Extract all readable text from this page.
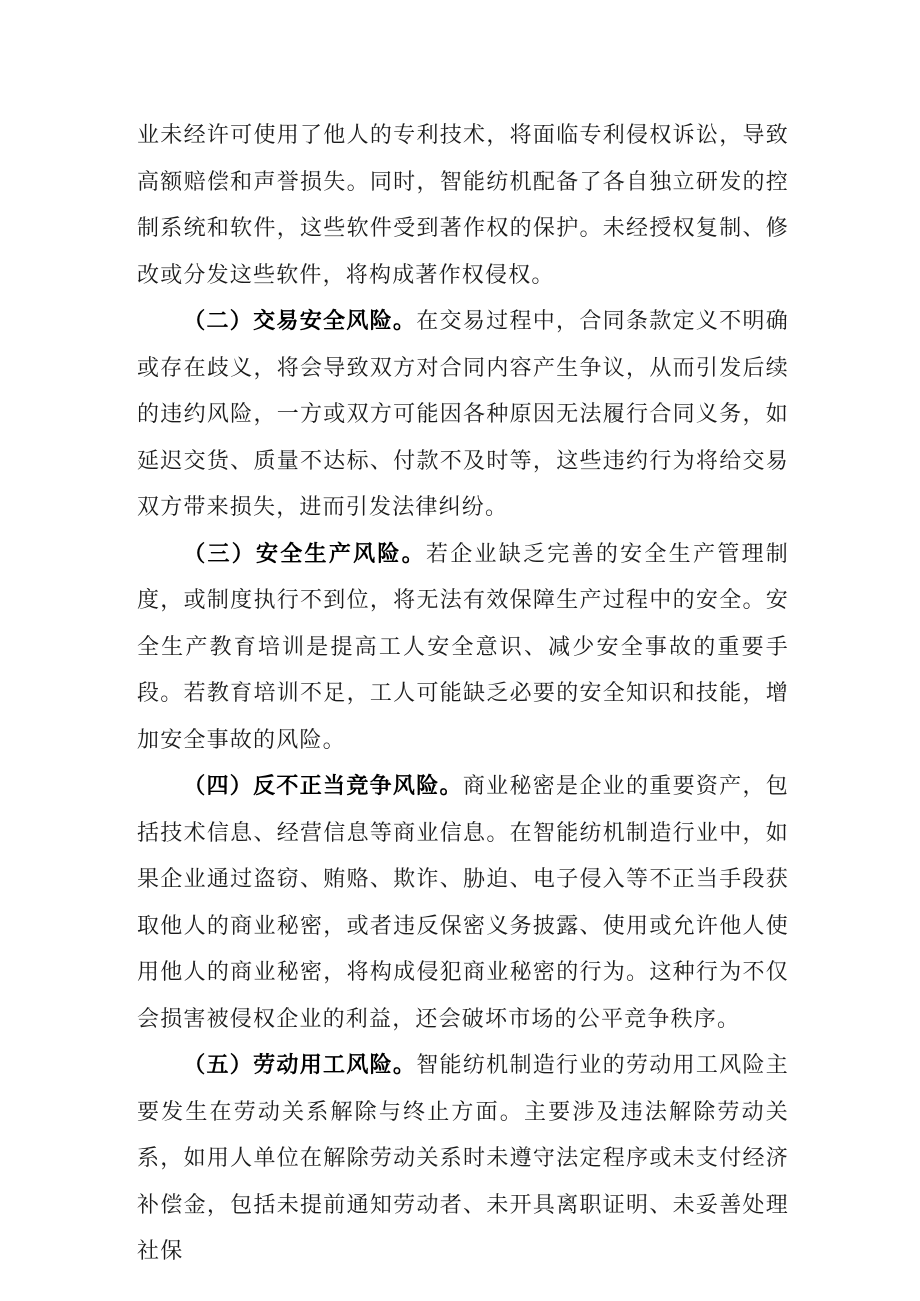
业未经许可使用了他人的专利技术，将面临专利侵权诉讼，导致高额赔偿和声誉损失。同时，智能纺机配备了各自独立研发的控制系统和软件，这些软件受到著作权的保护。未经授权复制、修改或分发这些软件，将构成著作权侵权。

（二）交易安全风险。在交易过程中，合同条款定义不明确或存在歧义，将会导致双方对合同内容产生争议，从而引发后续的违约风险，一方或双方可能因各种原因无法履行合同义务，如延迟交货、质量不达标、付款不及时等，这些违约行为将给交易双方带来损失，进而引发法律纠纷。

（三）安全生产风险。若企业缺乏完善的安全生产管理制度，或制度执行不到位，将无法有效保障生产过程中的安全。安全生产教育培训是提高工人安全意识、减少安全事故的重要手段。若教育培训不足，工人可能缺乏必要的安全知识和技能，增加安全事故的风险。

（四）反不正当竞争风险。商业秘密是企业的重要资产，包括技术信息、经营信息等商业信息。在智能纺机制造行业中，如果企业通过盗窃、贿赂、欺诈、胁迫、电子侵入等不正当手段获取他人的商业秘密，或者违反保密义务披露、使用或允许他人使用他人的商业秘密，将构成侵犯商业秘密的行为。这种行为不仅会损害被侵权企业的利益，还会破坏市场的公平竞争秩序。

（五）劳动用工风险。智能纺机制造行业的劳动用工风险主要发生在劳动关系解除与终止方面。主要涉及违法解除劳动关系，如用人单位在解除劳动关系时未遵守法定程序或未支付经济补偿金，包括未提前通知劳动者、未开具离职证明、未妥善处理社保
